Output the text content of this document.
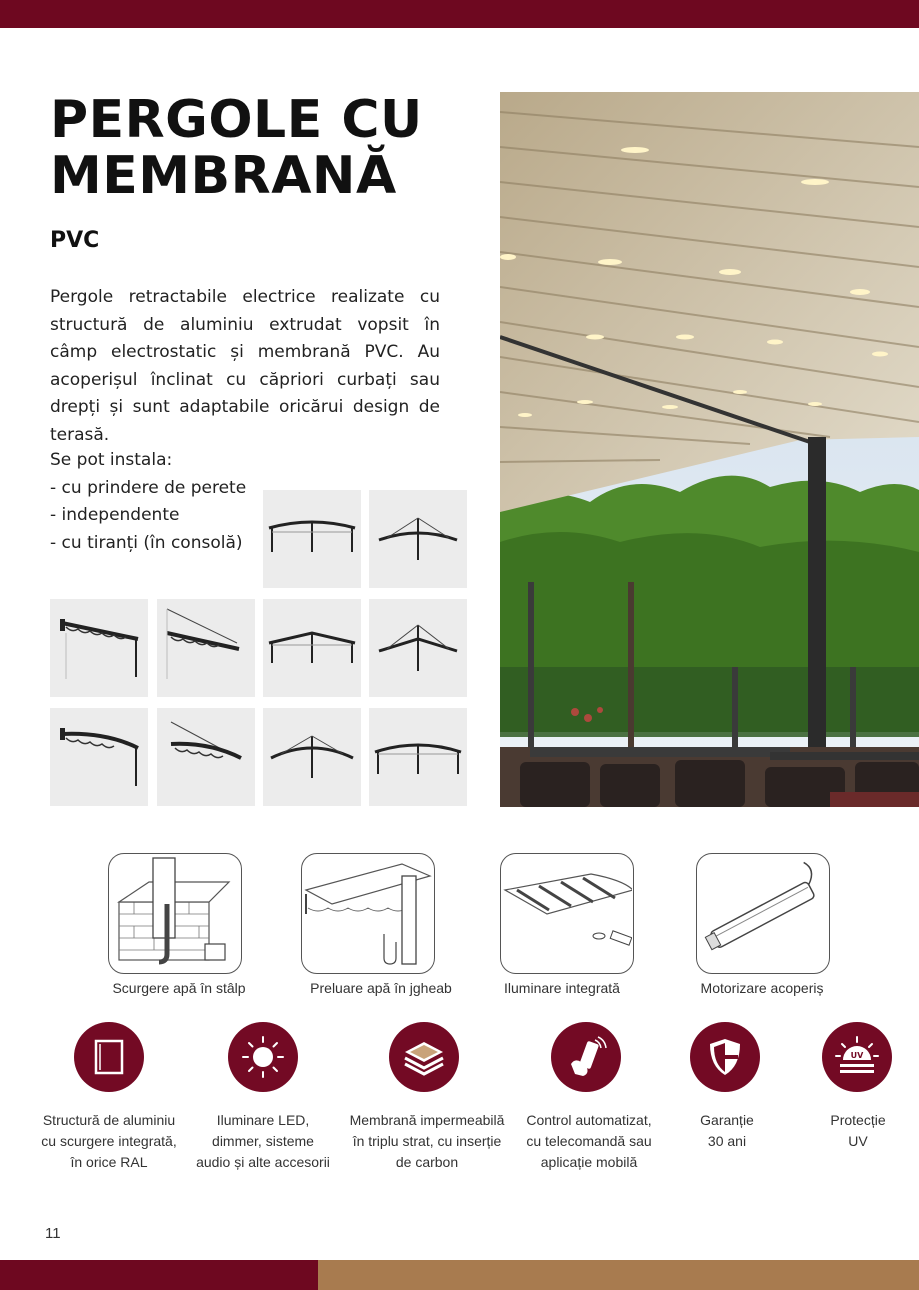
PERGOLE CU MEMBRANĂ
PVC

Pergole retractabile electrice realizate cu structură de aluminiu extrudat vopsit în câmp electrostatic și membrană PVC. Au acoperișul înclinat cu căpriori curbați sau drepți și sunt adaptabile oricărui design de terasă.

Se pot instala:
- cu prindere de perete
- independente
- cu tiranți (în consolă)
Scurgere apă în stâlp	Preluare apă în jgheab	Iluminare integrată	Motorizare acoperiș
UV
Structură de aluminiu
cu scurgere integrată,
în orice RAL
Iluminare LED,
dimmer, sisteme
audio și alte accesorii
Membrană impermeabilă
în triplu strat, cu inserție
de carbon
Control automatizat,
cu telecomandă sau
aplicație mobilă
Garanție
30 ani
Protecție
UV
11
